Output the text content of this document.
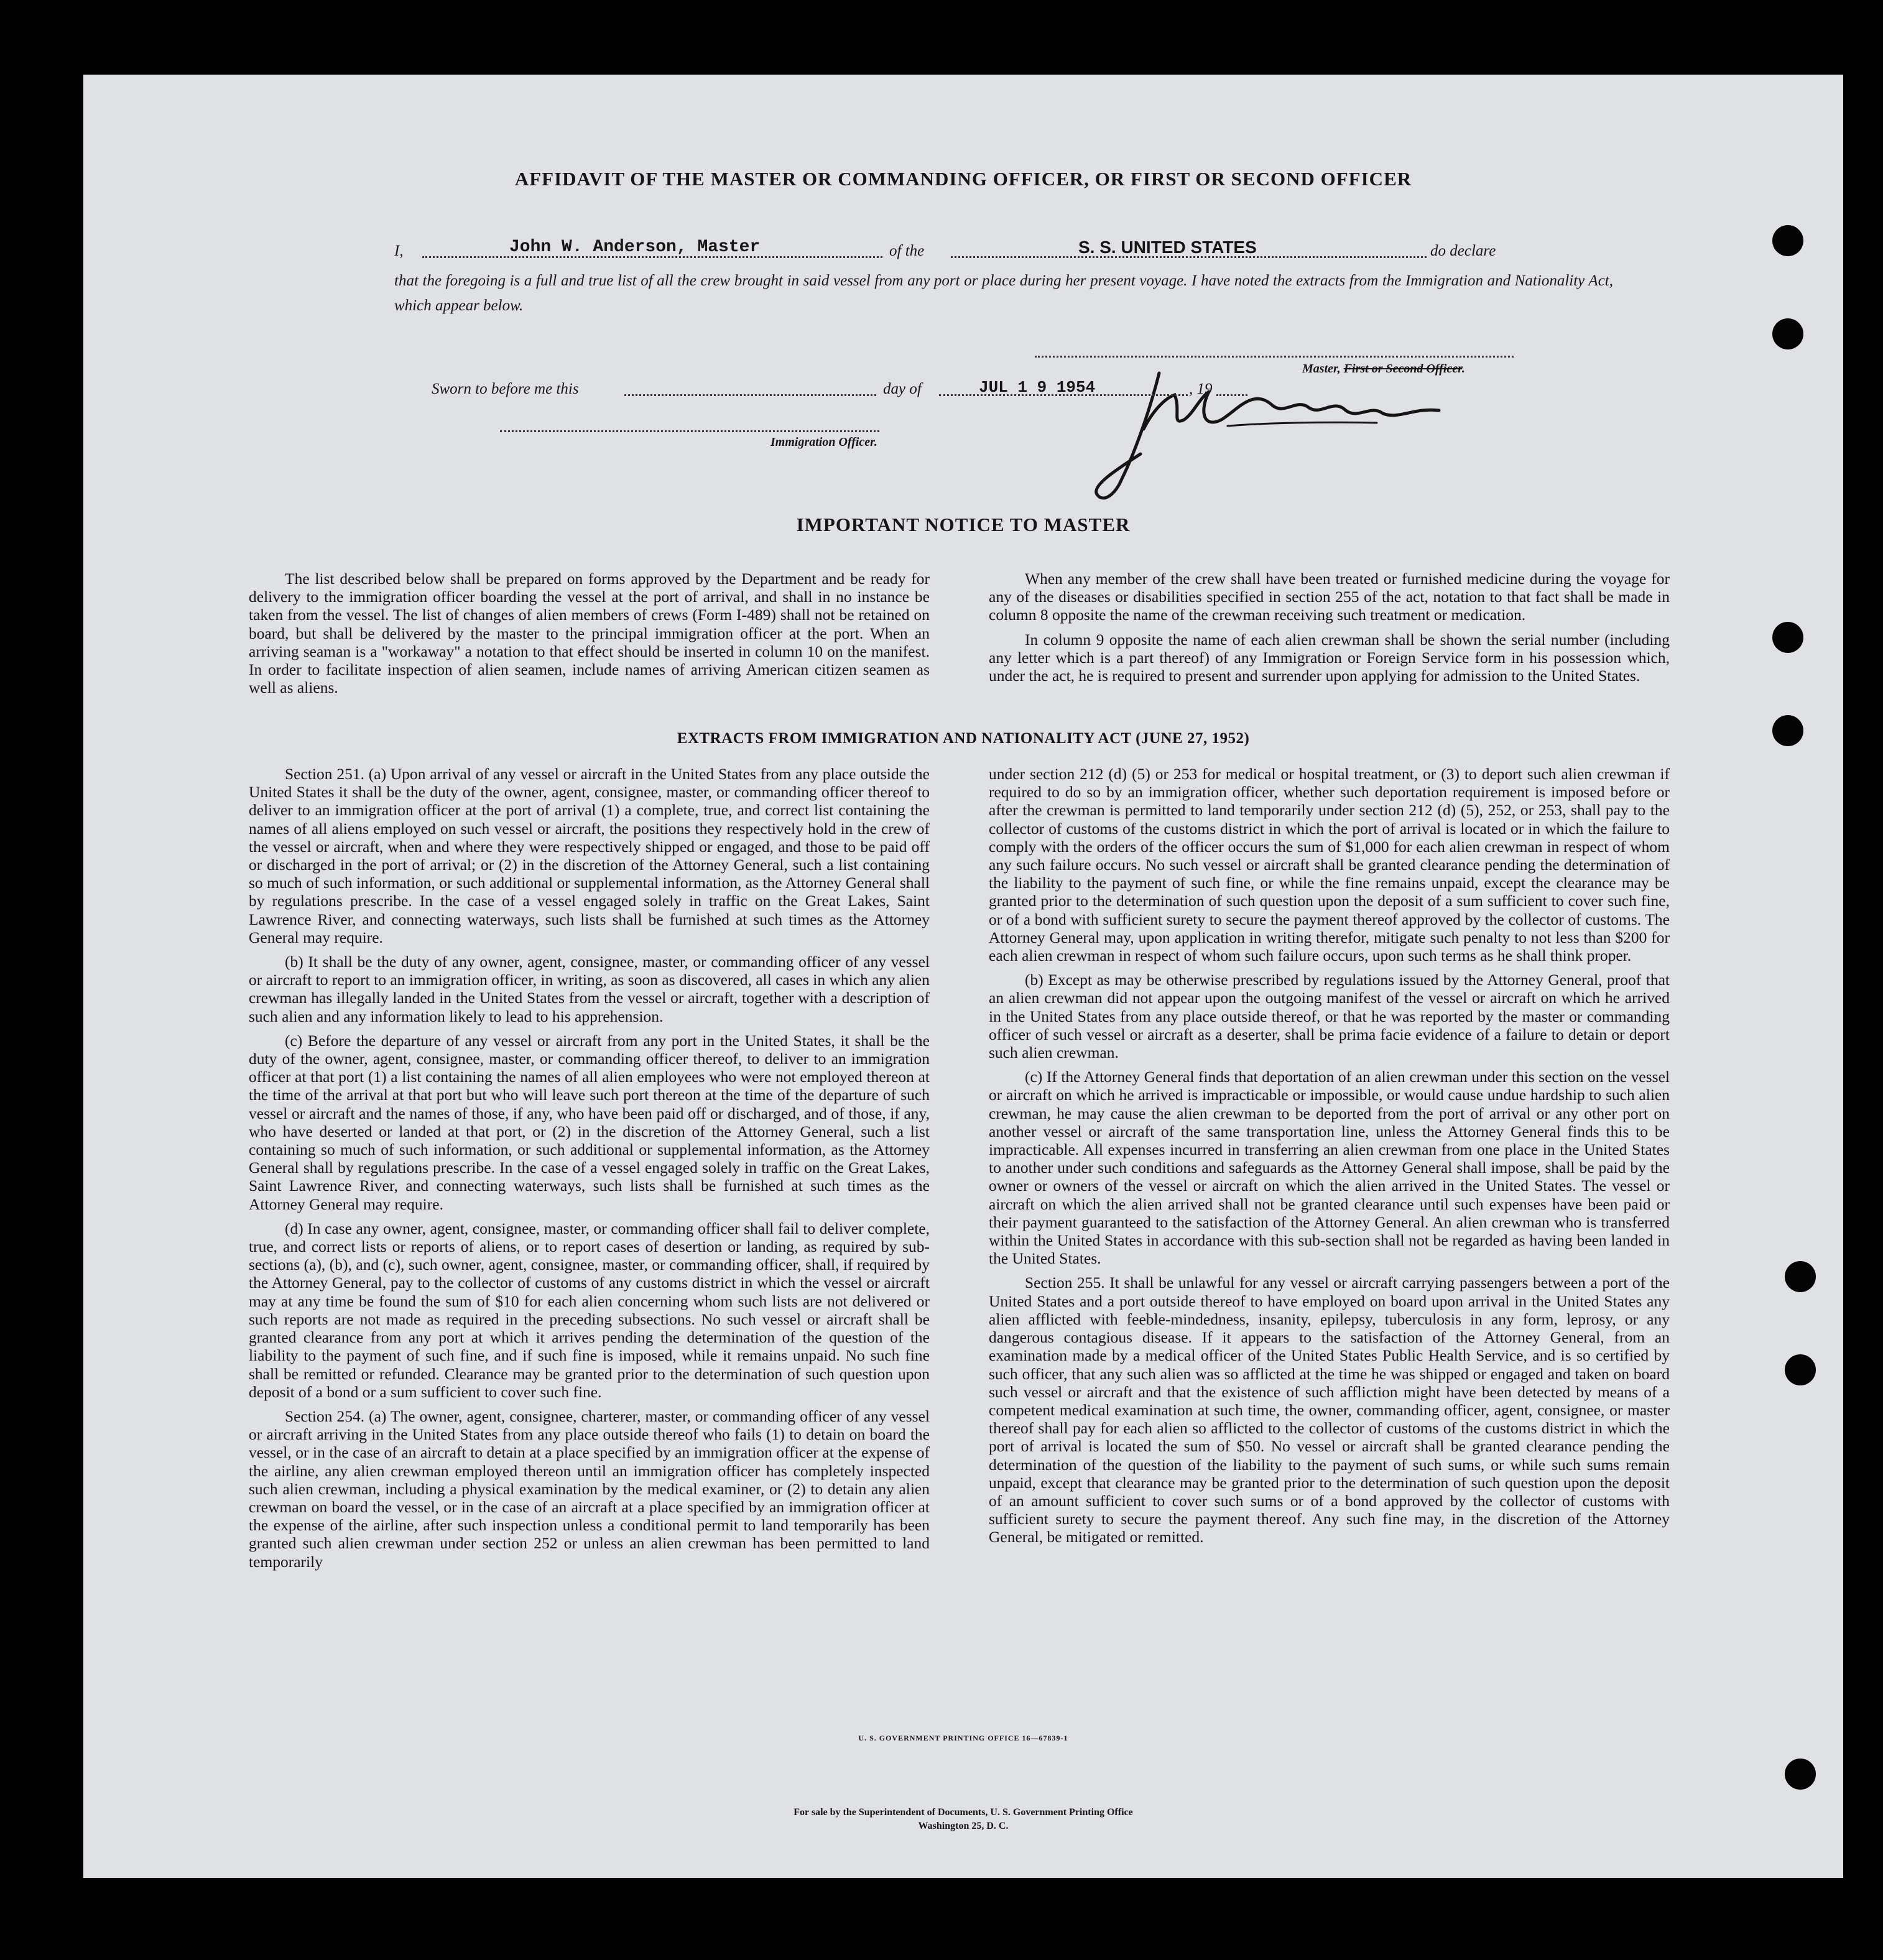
AFFIDAVIT OF THE MASTER OR COMMANDING OFFICER, OR FIRST OR SECOND OFFICER
I,	John W. Anderson, Master	of the	S. S. UNITED STATES	do declare
that the foregoing is a full and true list of all the crew brought in said vessel from any port or place during her present voyage. I have noted the extracts from the Immigration and Nationality Act, which appear below.
Master, First or Second Officer.
Sworn to before me this	day of	JUL 1 9 1954	, 19
Immigration Officer.
IMPORTANT NOTICE TO MASTER

The list described below shall be prepared on forms approved by the Department and be ready for delivery to the immigration officer boarding the vessel at the port of arrival, and shall in no instance be taken from the vessel. The list of changes of alien members of crews (Form I-489) shall not be retained on board, but shall be delivered by the master to the principal immigration officer at the port. When an arriving seaman is a "workaway" a notation to that effect should be inserted in column 10 on the manifest. In order to facilitate inspection of alien seamen, include names of arriving American citizen seamen as well as aliens.

When any member of the crew shall have been treated or furnished medicine during the voyage for any of the diseases or disabilities specified in section 255 of the act, notation to that fact shall be made in column 8 opposite the name of the crewman receiving such treatment or medication.

In column 9 opposite the name of each alien crewman shall be shown the serial number (including any letter which is a part thereof) of any Immigration or Foreign Service form in his possession which, under the act, he is required to present and surrender upon applying for admission to the United States.

EXTRACTS FROM IMMIGRATION AND NATIONALITY ACT (JUNE 27, 1952)

Section 251. (a) Upon arrival of any vessel or aircraft in the United States from any place outside the United States it shall be the duty of the owner, agent, consignee, master, or commanding officer thereof to deliver to an immigration officer at the port of arrival (1) a complete, true, and correct list containing the names of all aliens employed on such vessel or aircraft, the positions they respectively hold in the crew of the vessel or aircraft, when and where they were respectively shipped or engaged, and those to be paid off or discharged in the port of arrival; or (2) in the discretion of the Attorney General, such a list containing so much of such information, or such additional or supplemental information, as the Attorney General shall by regulations prescribe. In the case of a vessel engaged solely in traffic on the Great Lakes, Saint Lawrence River, and connecting waterways, such lists shall be furnished at such times as the Attorney General may require.

(b) It shall be the duty of any owner, agent, consignee, master, or commanding officer of any vessel or aircraft to report to an immigration officer, in writing, as soon as discovered, all cases in which any alien crewman has illegally landed in the United States from the vessel or aircraft, together with a description of such alien and any information likely to lead to his apprehension.

(c) Before the departure of any vessel or aircraft from any port in the United States, it shall be the duty of the owner, agent, consignee, master, or commanding officer thereof, to deliver to an immigration officer at that port (1) a list containing the names of all alien employees who were not employed thereon at the time of the arrival at that port but who will leave such port thereon at the time of the departure of such vessel or aircraft and the names of those, if any, who have been paid off or discharged, and of those, if any, who have deserted or landed at that port, or (2) in the discretion of the Attorney General, such a list containing so much of such information, or such additional or supplemental information, as the Attorney General shall by regulations prescribe. In the case of a vessel engaged solely in traffic on the Great Lakes, Saint Lawrence River, and connecting waterways, such lists shall be furnished at such times as the Attorney General may require.

(d) In case any owner, agent, consignee, master, or commanding officer shall fail to deliver complete, true, and correct lists or reports of aliens, or to report cases of desertion or landing, as required by sub-sections (a), (b), and (c), such owner, agent, consignee, master, or commanding officer, shall, if required by the Attorney General, pay to the collector of customs of any customs district in which the vessel or aircraft may at any time be found the sum of $10 for each alien concerning whom such lists are not delivered or such reports are not made as required in the preceding subsections. No such vessel or aircraft shall be granted clearance from any port at which it arrives pending the determination of the question of the liability to the payment of such fine, and if such fine is imposed, while it remains unpaid. No such fine shall be remitted or refunded. Clearance may be granted prior to the determination of such question upon deposit of a bond or a sum sufficient to cover such fine.

Section 254. (a) The owner, agent, consignee, charterer, master, or commanding officer of any vessel or aircraft arriving in the United States from any place outside thereof who fails (1) to detain on board the vessel, or in the case of an aircraft to detain at a place specified by an immigration officer at the expense of the airline, any alien crewman employed thereon until an immigration officer has completely inspected such alien crewman, including a physical examination by the medical examiner, or (2) to detain any alien crewman on board the vessel, or in the case of an aircraft at a place specified by an immigration officer at the expense of the airline, after such inspection unless a conditional permit to land temporarily has been granted such alien crewman under section 252 or unless an alien crewman has been permitted to land temporarily

under section 212 (d) (5) or 253 for medical or hospital treatment, or (3) to deport such alien crewman if required to do so by an immigration officer, whether such deportation requirement is imposed before or after the crewman is permitted to land temporarily under section 212 (d) (5), 252, or 253, shall pay to the collector of customs of the customs district in which the port of arrival is located or in which the failure to comply with the orders of the officer occurs the sum of $1,000 for each alien crewman in respect of whom any such failure occurs. No such vessel or aircraft shall be granted clearance pending the determination of the liability to the payment of such fine, or while the fine remains unpaid, except the clearance may be granted prior to the determination of such question upon the deposit of a sum sufficient to cover such fine, or of a bond with sufficient surety to secure the payment thereof approved by the collector of customs. The Attorney General may, upon application in writing therefor, mitigate such penalty to not less than $200 for each alien crewman in respect of whom such failure occurs, upon such terms as he shall think proper.

(b) Except as may be otherwise prescribed by regulations issued by the Attorney General, proof that an alien crewman did not appear upon the outgoing manifest of the vessel or aircraft on which he arrived in the United States from any place outside thereof, or that he was reported by the master or commanding officer of such vessel or aircraft as a deserter, shall be prima facie evidence of a failure to detain or deport such alien crewman.

(c) If the Attorney General finds that deportation of an alien crewman under this section on the vessel or aircraft on which he arrived is impracticable or impossible, or would cause undue hardship to such alien crewman, he may cause the alien crewman to be deported from the port of arrival or any other port on another vessel or aircraft of the same transportation line, unless the Attorney General finds this to be impracticable. All expenses incurred in transferring an alien crewman from one place in the United States to another under such conditions and safeguards as the Attorney General shall impose, shall be paid by the owner or owners of the vessel or aircraft on which the alien arrived in the United States. The vessel or aircraft on which the alien arrived shall not be granted clearance until such expenses have been paid or their payment guaranteed to the satisfaction of the Attorney General. An alien crewman who is transferred within the United States in accordance with this sub-section shall not be regarded as having been landed in the United States.

Section 255. It shall be unlawful for any vessel or aircraft carrying passengers between a port of the United States and a port outside thereof to have employed on board upon arrival in the United States any alien afflicted with feeble-mindedness, insanity, epilepsy, tuberculosis in any form, leprosy, or any dangerous contagious disease. If it appears to the satisfaction of the Attorney General, from an examination made by a medical officer of the United States Public Health Service, and is so certified by such officer, that any such alien was so afflicted at the time he was shipped or engaged and taken on board such vessel or aircraft and that the existence of such affliction might have been detected by means of a competent medical examination at such time, the owner, commanding officer, agent, consignee, or master thereof shall pay for each alien so afflicted to the collector of customs of the customs district in which the port of arrival is located the sum of $50. No vessel or aircraft shall be granted clearance pending the determination of the question of the liability to the payment of such sums, or while such sums remain unpaid, except that clearance may be granted prior to the determination of such question upon the deposit of an amount sufficient to cover such sums or of a bond approved by the collector of customs with sufficient surety to secure the payment thereof. Any such fine may, in the discretion of the Attorney General, be mitigated or remitted.

U. S. GOVERNMENT PRINTING OFFICE 16—67839-1
For sale by the Superintendent of Documents, U. S. Government Printing Office
Washington 25, D. C.
